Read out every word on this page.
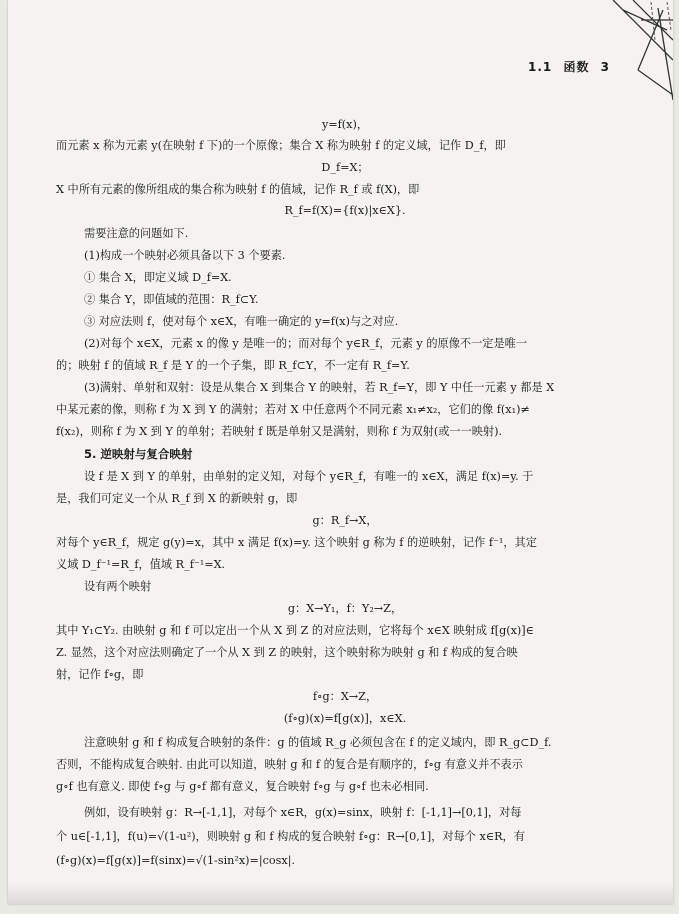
1.1 函数 3
y=f(x)，
而元素 x 称为元素 y(在映射 f 下)的一个原像；集合 X 称为映射 f 的定义域，记作 D_f，即
D_f=X；
X 中所有元素的像所组成的集合称为映射 f 的值域，记作 R_f 或 f(X)，即
R_f=f(X)={f(x)|x∈X}.
需要注意的问题如下.
(1)构成一个映射必须具备以下 3 个要素.
① 集合 X，即定义域 D_f=X.
② 集合 Y，即值域的范围：R_f⊂Y.
③ 对应法则 f，使对每个 x∈X，有唯一确定的 y=f(x)与之对应.
(2)对每个 x∈X，元素 x 的像 y 是唯一的；而对每个 y∈R_f，元素 y 的原像不一定是唯一
的；映射 f 的值域 R_f 是 Y 的一个子集，即 R_f⊂Y，不一定有 R_f=Y.
(3)满射、单射和双射：设是从集合 X 到集合 Y 的映射，若 R_f=Y，即 Y 中任一元素 y 都是 X
中某元素的像，则称 f 为 X 到 Y 的满射；若对 X 中任意两个不同元素 x₁≠x₂，它们的像 f(x₁)≠
f(x₂)，则称 f 为 X 到 Y 的单射；若映射 f 既是单射又是满射，则称 f 为双射(或一一映射).
5. 逆映射与复合映射
设 f 是 X 到 Y 的单射，由单射的定义知，对每个 y∈R_f，有唯一的 x∈X，满足 f(x)=y. 于
是，我们可定义一个从 R_f 到 X 的新映射 g，即
g：R_f→X，
对每个 y∈R_f，规定 g(y)=x，其中 x 满足 f(x)=y. 这个映射 g 称为 f 的逆映射，记作 f⁻¹，其定
义域 D_f⁻¹=R_f，值域 R_f⁻¹=X.
设有两个映射
g：X→Y₁，f：Y₂→Z，
其中 Y₁⊂Y₂. 由映射 g 和 f 可以定出一个从 X 到 Z 的对应法则，它将每个 x∈X 映射成 f[g(x)]∈
Z. 显然，这个对应法则确定了一个从 X 到 Z 的映射，这个映射称为映射 g 和 f 构成的复合映
射，记作 f∘g，即
f∘g：X→Z，
(f∘g)(x)=f[g(x)]，x∈X.
注意映射 g 和 f 构成复合映射的条件：g 的值域 R_g 必须包含在 f 的定义域内，即 R_g⊂D_f.
否则，不能构成复合映射. 由此可以知道，映射 g 和 f 的复合是有顺序的，f∘g 有意义并不表示
g∘f 也有意义. 即使 f∘g 与 g∘f 都有意义，复合映射 f∘g 与 g∘f 也未必相同.
例如，设有映射 g：R→[-1,1]，对每个 x∈R，g(x)=sinx，映射 f：[-1,1]→[0,1]，对每
个 u∈[-1,1]，f(u)=√(1-u²)，则映射 g 和 f 构成的复合映射 f∘g：R→[0,1]，对每个 x∈R，有
(f∘g)(x)=f[g(x)]=f(sinx)=√(1-sin²x)=|cosx|.
